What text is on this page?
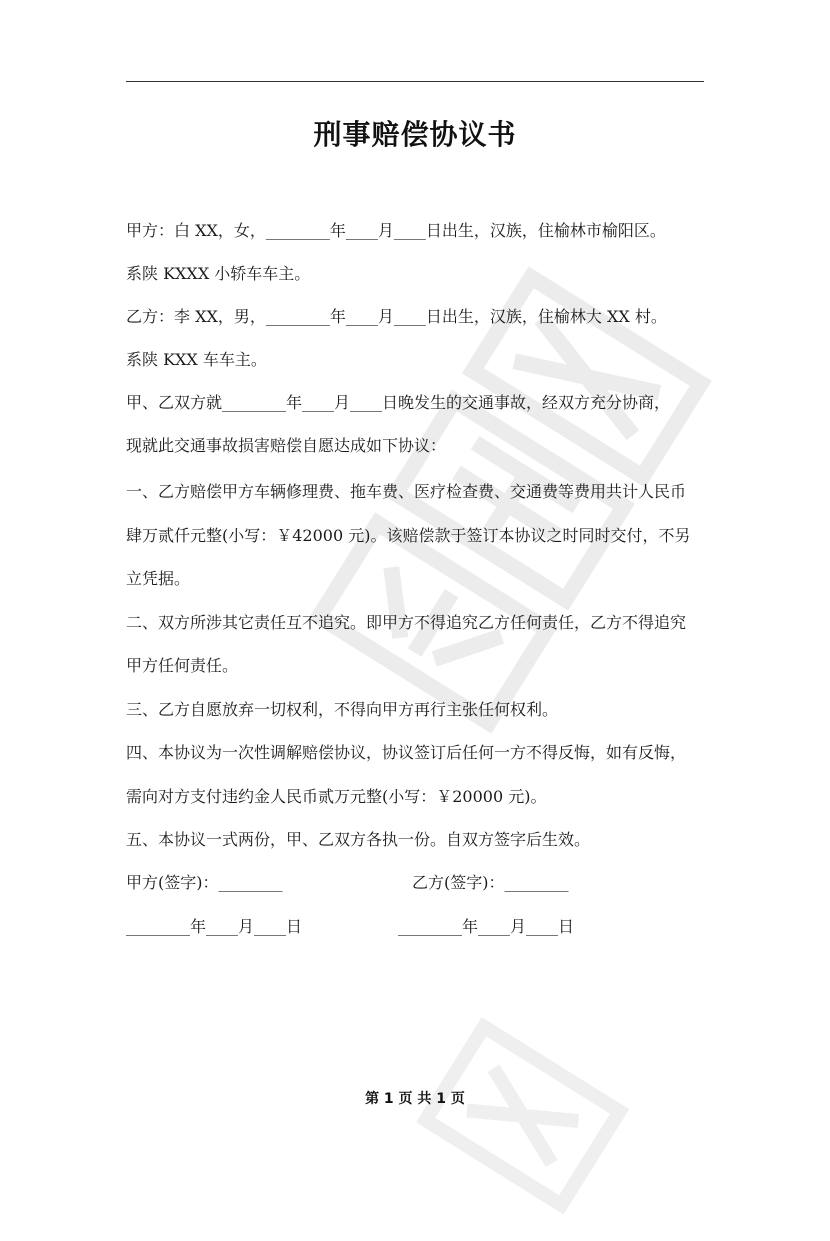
刑事赔偿协议书
甲方：白 XX，女，________年____月____日出生，汉族，住榆林市榆阳区。
系陕 KXXX 小轿车车主。
乙方：李 XX，男，________年____月____日出生，汉族，住榆林大 XX 村。
系陕 KXX 车车主。
甲、乙双方就________年____月____日晚发生的交通事故，经双方充分协商，
现就此交通事故损害赔偿自愿达成如下协议：
一、乙方赔偿甲方车辆修理费、拖车费、医疗检查费、交通费等费用共计人民币
肆万贰仟元整(小写：￥42000 元)。该赔偿款于签订本协议之时同时交付，不另
立凭据。
二、双方所涉其它责任互不追究。即甲方不得追究乙方任何责任，乙方不得追究
甲方任何责任。
三、乙方自愿放弃一切权利，不得向甲方再行主张任何权利。
四、本协议为一次性调解赔偿协议，协议签订后任何一方不得反悔，如有反悔，
需向对方支付违约金人民币贰万元整(小写：￥20000 元)。
五、本协议一式两份，甲、乙双方各执一份。自双方签字后生效。
甲方(签字)：________	乙方(签字)：________
________年____月____日	________年____月____日
第 1 页 共 1 页
